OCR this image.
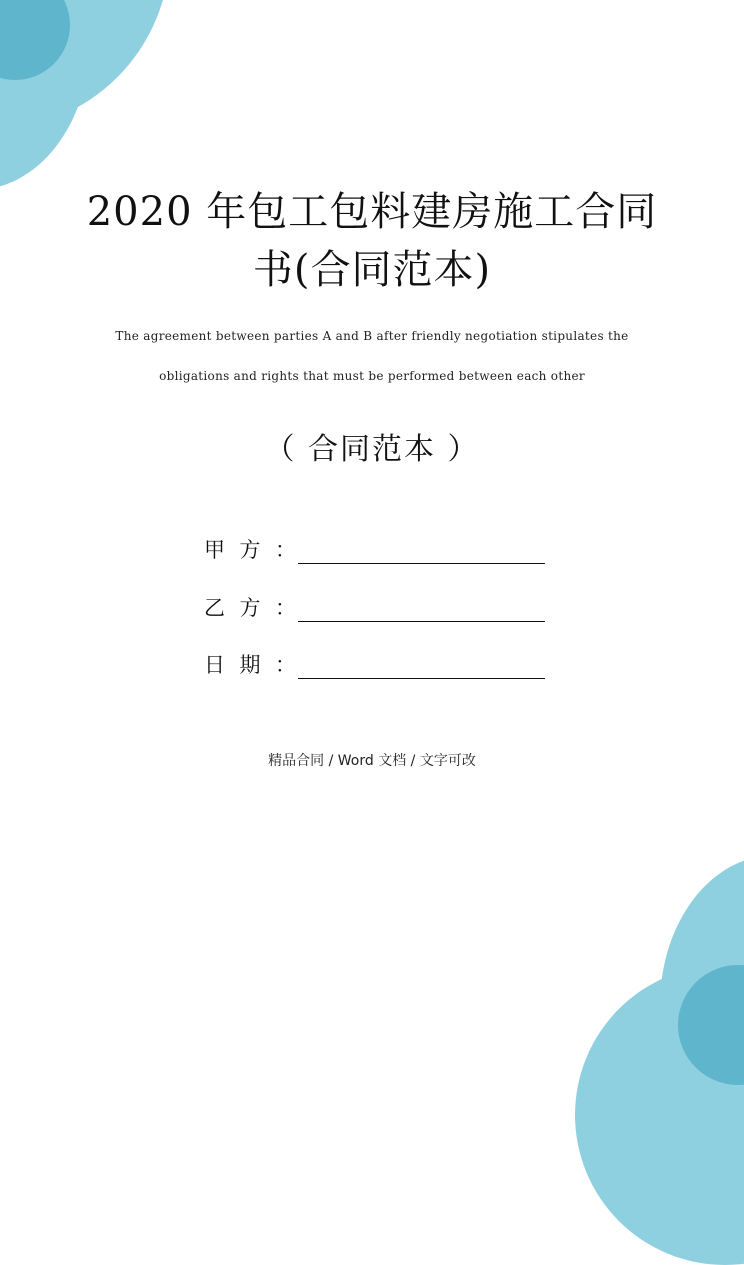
2020 年包工包料建房施工合同
书(合同范本)
The agreement between parties A and B after friendly negotiation stipulates the
obligations and rights that must be performed between each other
（ 合同范本 ）
甲 方 ：
乙 方 ：
日 期 ：
精品合同 / Word 文档 / 文字可改
